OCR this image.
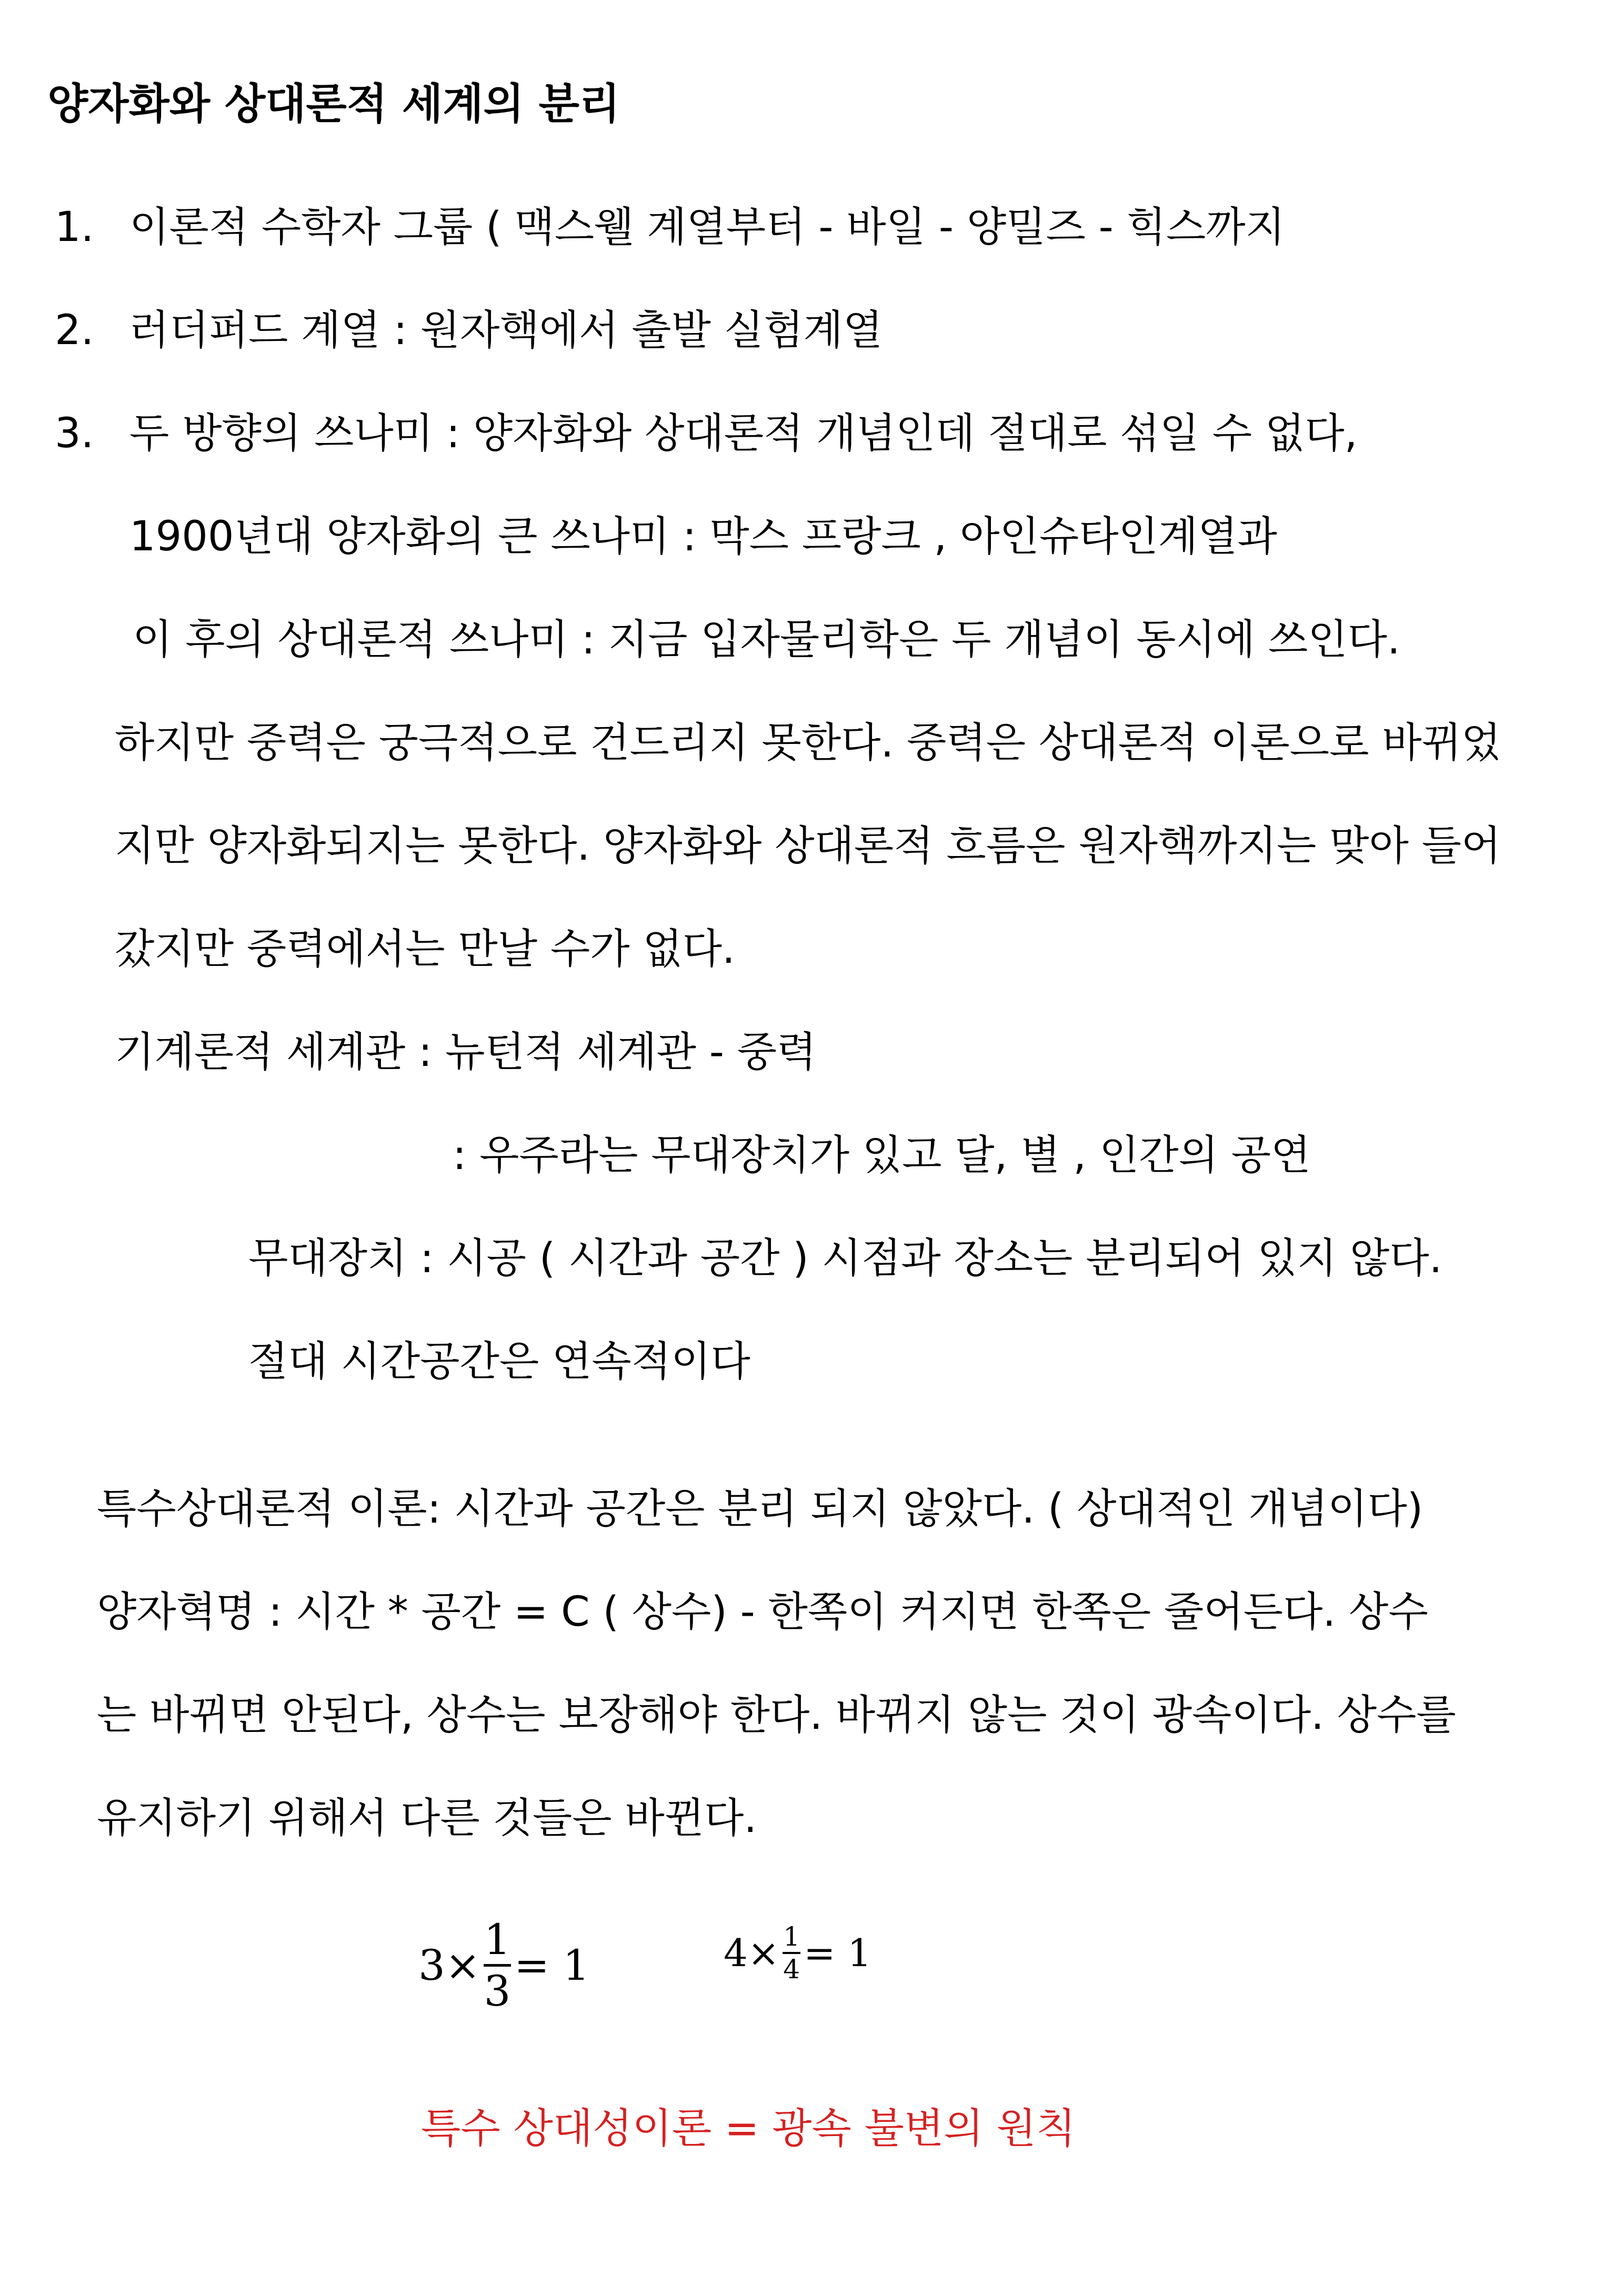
양자화와 상대론적 세계의 분리
1. 이론적 수학자 그룹 ( 맥스웰 계열부터 - 바일 - 양밀즈 - 힉스까지
2. 러더퍼드 계열 : 원자핵에서 출발 실험계열
3. 두 방향의 쓰나미 : 양자화와 상대론적 개념인데 절대로 섞일 수 없다,
1900년대 양자화의 큰 쓰나미 : 막스 프랑크 , 아인슈타인계열과
이 후의 상대론적 쓰나미 : 지금 입자물리학은 두 개념이 동시에 쓰인다.
하지만 중력은 궁극적으로 건드리지 못한다. 중력은 상대론적 이론으로 바뀌었
지만 양자화되지는 못한다. 양자화와 상대론적 흐름은 원자핵까지는 맞아 들어
갔지만 중력에서는 만날 수가 없다.
기계론적 세계관 : 뉴턴적 세계관 - 중력
: 우주라는 무대장치가 있고 달, 별 , 인간의 공연
무대장치 : 시공 ( 시간과 공간 ) 시점과 장소는 분리되어 있지 않다.
절대 시간공간은 연속적이다
특수상대론적 이론: 시간과 공간은 분리 되지 않았다. ( 상대적인 개념이다)
양자혁명 : 시간 * 공간 = C ( 상수) - 한쪽이 커지면 한쪽은 줄어든다. 상수
는 바뀌면 안된다, 상수는 보장해야 한다. 바뀌지 않는 것이 광속이다. 상수를
유지하기 위해서 다른 것들은 바뀐다.
3×
1
3
= 1	$4\times \frac{1}{4} = 1$
특수 상대성이론 = 광속 불변의 원칙
